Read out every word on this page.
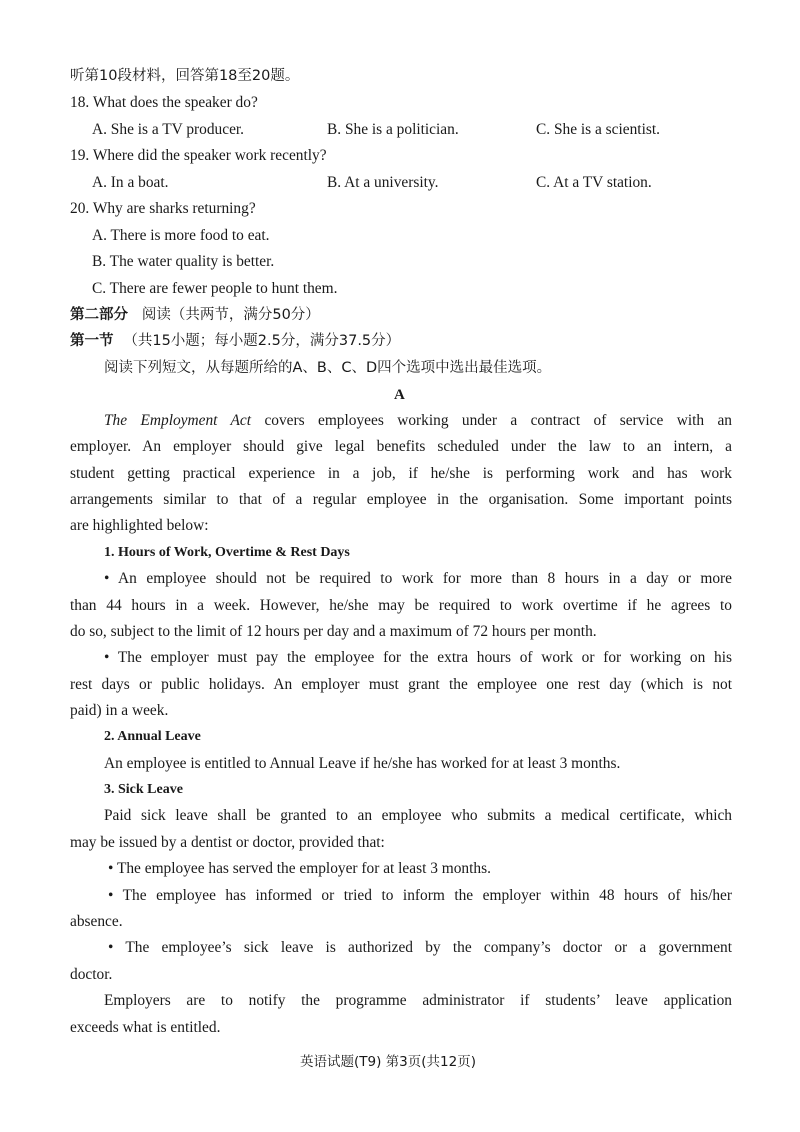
听第10段材料，回答第18至20题。
18. What does the speaker do?
A. She is a TV producer.	B. She is a politician.	C. She is a scientist.
19. Where did the speaker work recently?
A. In a boat.	B. At a university.	C. At a TV station.
20. Why are sharks returning?
A. There is more food to eat.
B. The water quality is better.
C. There are fewer people to hunt them.
第二部分 阅读（共两节，满分50分）
第一节 （共15小题；每小题2.5分，满分37.5分）
阅读下列短文，从每题所给的A、B、C、D四个选项中选出最佳选项。
A
The Employment Act covers employees working under a contract of service with an
employer. An employer should give legal benefits scheduled under the law to an intern, a
student getting practical experience in a job, if he/she is performing work and has work
arrangements similar to that of a regular employee in the organisation. Some important points
are highlighted below:
1. Hours of Work, Overtime & Rest Days
• An employee should not be required to work for more than 8 hours in a day or more
than 44 hours in a week. However, he/she may be required to work overtime if he agrees to
do so, subject to the limit of 12 hours per day and a maximum of 72 hours per month.
• The employer must pay the employee for the extra hours of work or for working on his
rest days or public holidays. An employer must grant the employee one rest day (which is not
paid) in a week.
2. Annual Leave
An employee is entitled to Annual Leave if he/she has worked for at least 3 months.
3. Sick Leave
Paid sick leave shall be granted to an employee who submits a medical certificate, which
may be issued by a dentist or doctor, provided that:
• The employee has served the employer for at least 3 months.
• The employee has informed or tried to inform the employer within 48 hours of his/her
absence.
• The employee’s sick leave is authorized by the company’s doctor or a government
doctor.
Employers are to notify the programme administrator if students’ leave application
exceeds what is entitled.
英语试题(T9) 第3页(共12页)
